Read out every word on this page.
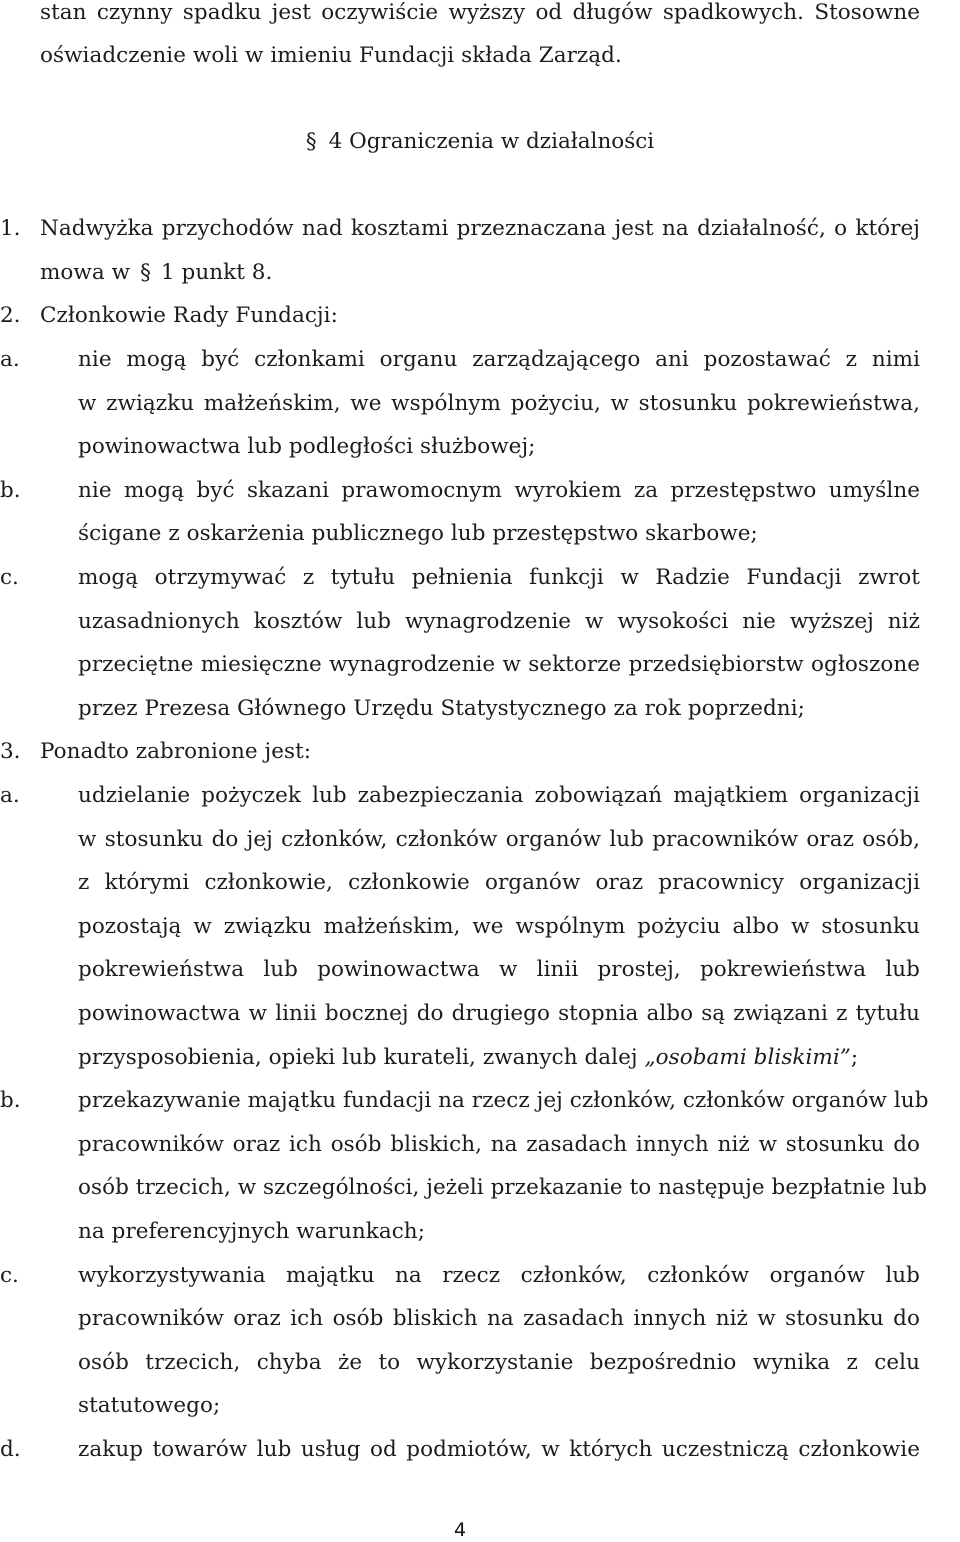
stan czynny spadku jest oczywiście wyższy od długów spadkowych. Stosowne
oświadczenie woli w imieniu Fundacji składa Zarząd.
§ 4 Ograniczenia w działalności
1. Nadwyżka przychodów nad kosztami przeznaczana jest na działalność, o której
mowa w § 1 punkt 8.
2. Członkowie Rady Fundacji:
a.	nie mogą być członkami organu zarządzającego ani pozostawać z nimi
w związku małżeńskim, we wspólnym pożyciu, w stosunku pokrewieństwa,
powinowactwa lub podległości służbowej;
b.	nie mogą być skazani prawomocnym wyrokiem za przestępstwo umyślne
ścigane z oskarżenia publicznego lub przestępstwo skarbowe;
c.	mogą otrzymywać z tytułu pełnienia funkcji w Radzie Fundacji zwrot
uzasadnionych kosztów lub wynagrodzenie w wysokości nie wyższej niż
przeciętne miesięczne wynagrodzenie w sektorze przedsiębiorstw ogłoszone
przez Prezesa Głównego Urzędu Statystycznego za rok poprzedni;
3. Ponadto zabronione jest:
a.	udzielanie pożyczek lub zabezpieczania zobowiązań majątkiem organizacji
w stosunku do jej członków, członków organów lub pracowników oraz osób,
z którymi członkowie, członkowie organów oraz pracownicy organizacji
pozostają w związku małżeńskim, we wspólnym pożyciu albo w stosunku
pokrewieństwa lub powinowactwa w linii prostej, pokrewieństwa lub
powinowactwa w linii bocznej do drugiego stopnia albo są związani z tytułu
przysposobienia, opieki lub kurateli, zwanych dalej „osobami bliskimi”;
b.	przekazywanie majątku fundacji na rzecz jej członków, członków organów lub
pracowników oraz ich osób bliskich, na zasadach innych niż w stosunku do
osób trzecich, w szczególności, jeżeli przekazanie to następuje bezpłatnie lub
na preferencyjnych warunkach;
c.	wykorzystywania majątku na rzecz członków, członków organów lub
pracowników oraz ich osób bliskich na zasadach innych niż w stosunku do
osób trzecich, chyba że to wykorzystanie bezpośrednio wynika z celu
statutowego;
d.	zakup towarów lub usług od podmiotów, w których uczestniczą członkowie
4
